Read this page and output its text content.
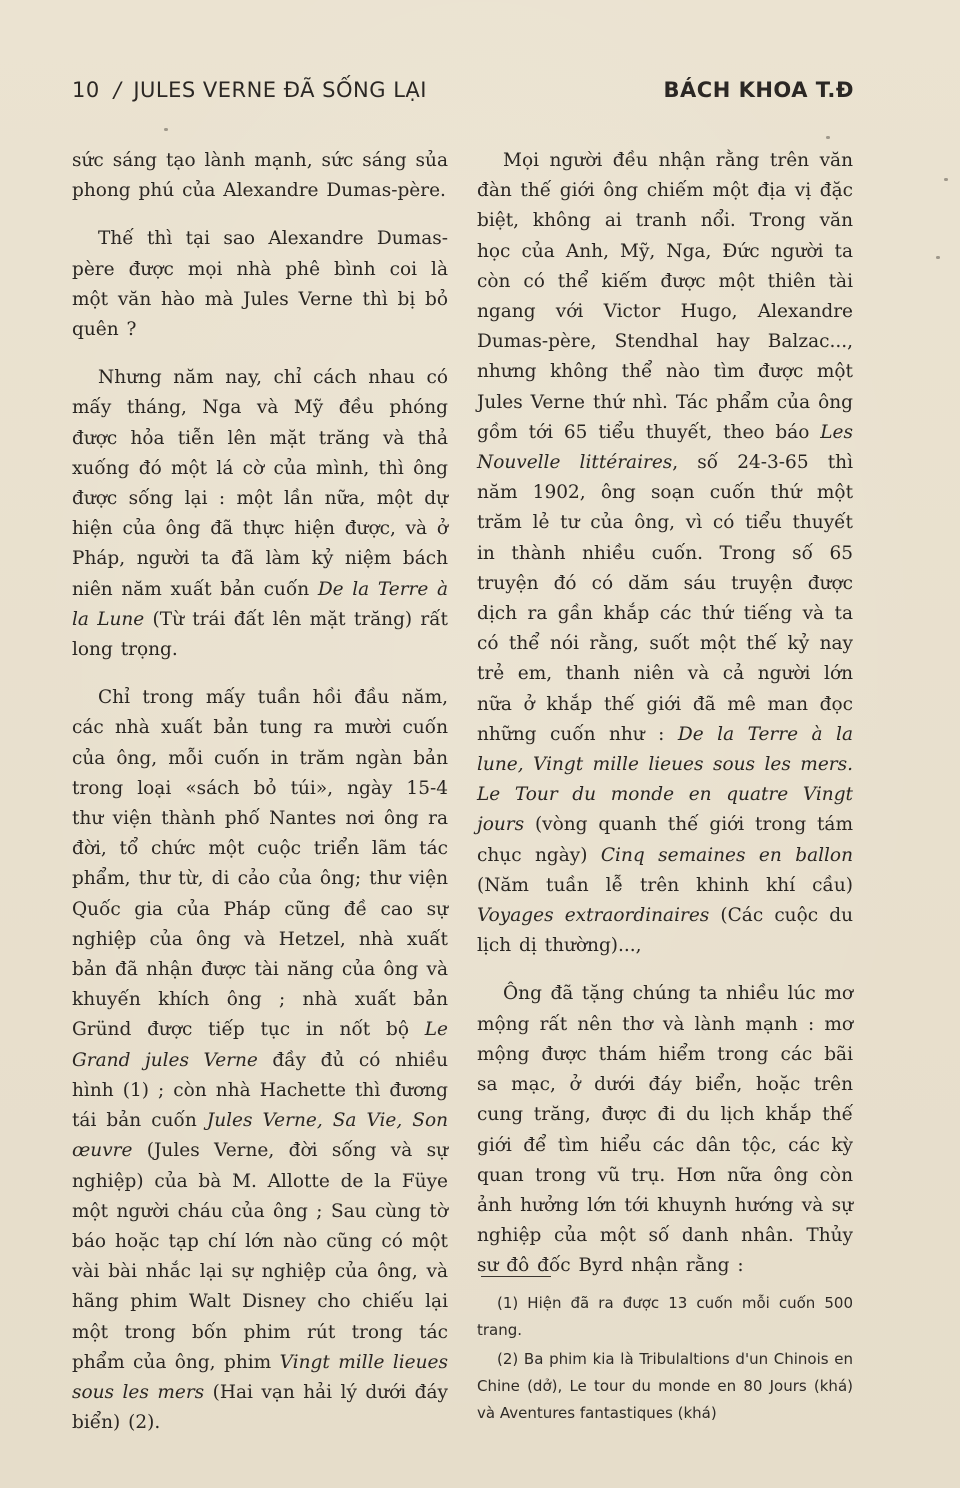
10 / JULES VERNE ĐÃ SỐNG LẠI	BÁCH KHOA T.Đ

sức sáng tạo lành mạnh, sức sáng sủa phong phú của Alexandre Dumas-père.

Thế thì tại sao Alexandre Dumas-père được mọi nhà phê bình coi là một văn hào mà Jules Verne thì bị bỏ quên ?

Nhưng năm nay, chỉ cách nhau có mấy tháng, Nga và Mỹ đều phóng được hỏa tiễn lên mặt trăng và thả xuống đó một lá cờ của mình, thì ông được sống lại : một lần nữa, một dự hiện của ông đã thực hiện được, và ở Pháp, người ta đã làm kỷ niệm bách niên năm xuất bản cuốn De la Terre à la Lune (Từ trái đất lên mặt trăng) rất long trọng.

Chỉ trong mấy tuần hồi đầu năm, các nhà xuất bản tung ra mười cuốn của ông, mỗi cuốn in trăm ngàn bản trong loại «sách bỏ túi», ngày 15-4 thư viện thành phố Nantes nơi ông ra đời, tổ chức một cuộc triển lãm tác phẩm, thư từ, di cảo của ông; thư viện Quốc gia của Pháp cũng đề cao sự nghiệp của ông và Hetzel, nhà xuất bản đã nhận được tài năng của ông và khuyến khích ông ; nhà xuất bản Gründ được tiếp tục in nốt bộ Le Grand jules Verne đầy đủ có nhiều hình (1) ; còn nhà Hachette thì đương tái bản cuốn Jules Verne, Sa Vie, Son œuvre (Jules Verne, đời sống và sự nghiệp) của bà M. Allotte de la Füye một người cháu của ông ; Sau cùng tờ báo hoặc tạp chí lớn nào cũng có một vài bài nhắc lại sự nghiệp của ông, và hãng phim Walt Disney cho chiếu lại một trong bốn phim rút trong tác phẩm của ông, phim Vingt mille lieues sous les mers (Hai vạn hải lý dưới đáy biển) (2).

Mọi người đều nhận rằng trên văn đàn thế giới ông chiếm một địa vị đặc biệt, không ai tranh nổi. Trong văn học của Anh, Mỹ, Nga, Đức người ta còn có thể kiếm được một thiên tài ngang với Victor Hugo, Alexandre Dumas-père, Stendhal hay Balzac..., nhưng không thể nào tìm được một Jules Verne thứ nhì. Tác phẩm của ông gồm tới 65 tiểu thuyết, theo báo Les Nouvelle littéraires, số 24-3-65 thì năm 1902, ông soạn cuốn thứ một trăm lẻ tư của ông, vì có tiểu thuyết in thành nhiều cuốn. Trong số 65 truyện đó có dăm sáu truyện được dịch ra gần khắp các thứ tiếng và ta có thể nói rằng, suốt một thế kỷ nay trẻ em, thanh niên và cả người lớn nữa ở khắp thế giới đã mê man đọc những cuốn như : De la Terre à la lune, Vingt mille lieues sous les mers. Le Tour du monde en quatre Vingt jours (vòng quanh thế giới trong tám chục ngày) Cinq semaines en ballon (Năm tuần lễ trên khinh khí cầu) Voyages extraordinaires (Các cuộc du lịch dị thường)...,

Ông đã tặng chúng ta nhiều lúc mơ mộng rất nên thơ và lành mạnh : mơ mộng được thám hiểm trong các bãi sa mạc, ở dưới đáy biển, hoặc trên cung trăng, được đi du lịch khắp thế giới để tìm hiểu các dân tộc, các kỳ quan trong vũ trụ. Hơn nữa ông còn ảnh hưởng lớn tới khuynh hướng và sự nghiệp của một số danh nhân. Thủy sư đô đốc Byrd nhận rằng :

(1) Hiện đã ra được 13 cuốn mỗi cuốn 500 trang.

(2) Ba phim kia là Tribulaltions d'un Chinois en Chine (dở), Le tour du monde en 80 Jours (khá) và Aventures fantastiques (khá)
